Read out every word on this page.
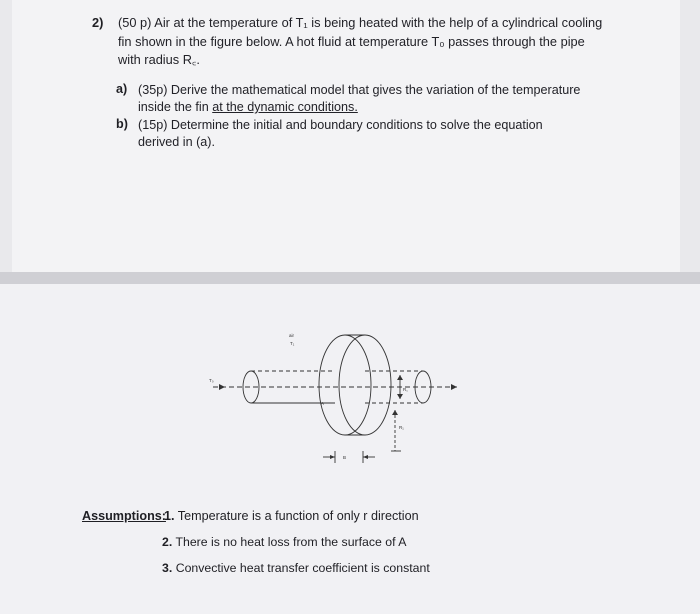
2) (50 p) Air at the temperature of T₁ is being heated with the help of a cylindrical cooling
fin shown in the figure below. A hot fluid at temperature T₀ passes through the pipe
with radius R꜀.
a) (35p) Derive the mathematical model that gives the variation of the temperature
inside the fin at the dynamic conditions.
b) (15p) Determine the initial and boundary conditions to solve the equation
derived in (a).
air
T₁
T₀
A
B
R꜀
R₁
Assumptions:
1. Temperature is a function of only r direction
2. There is no heat loss from the surface of A
3. Convective heat transfer coefficient is constant
